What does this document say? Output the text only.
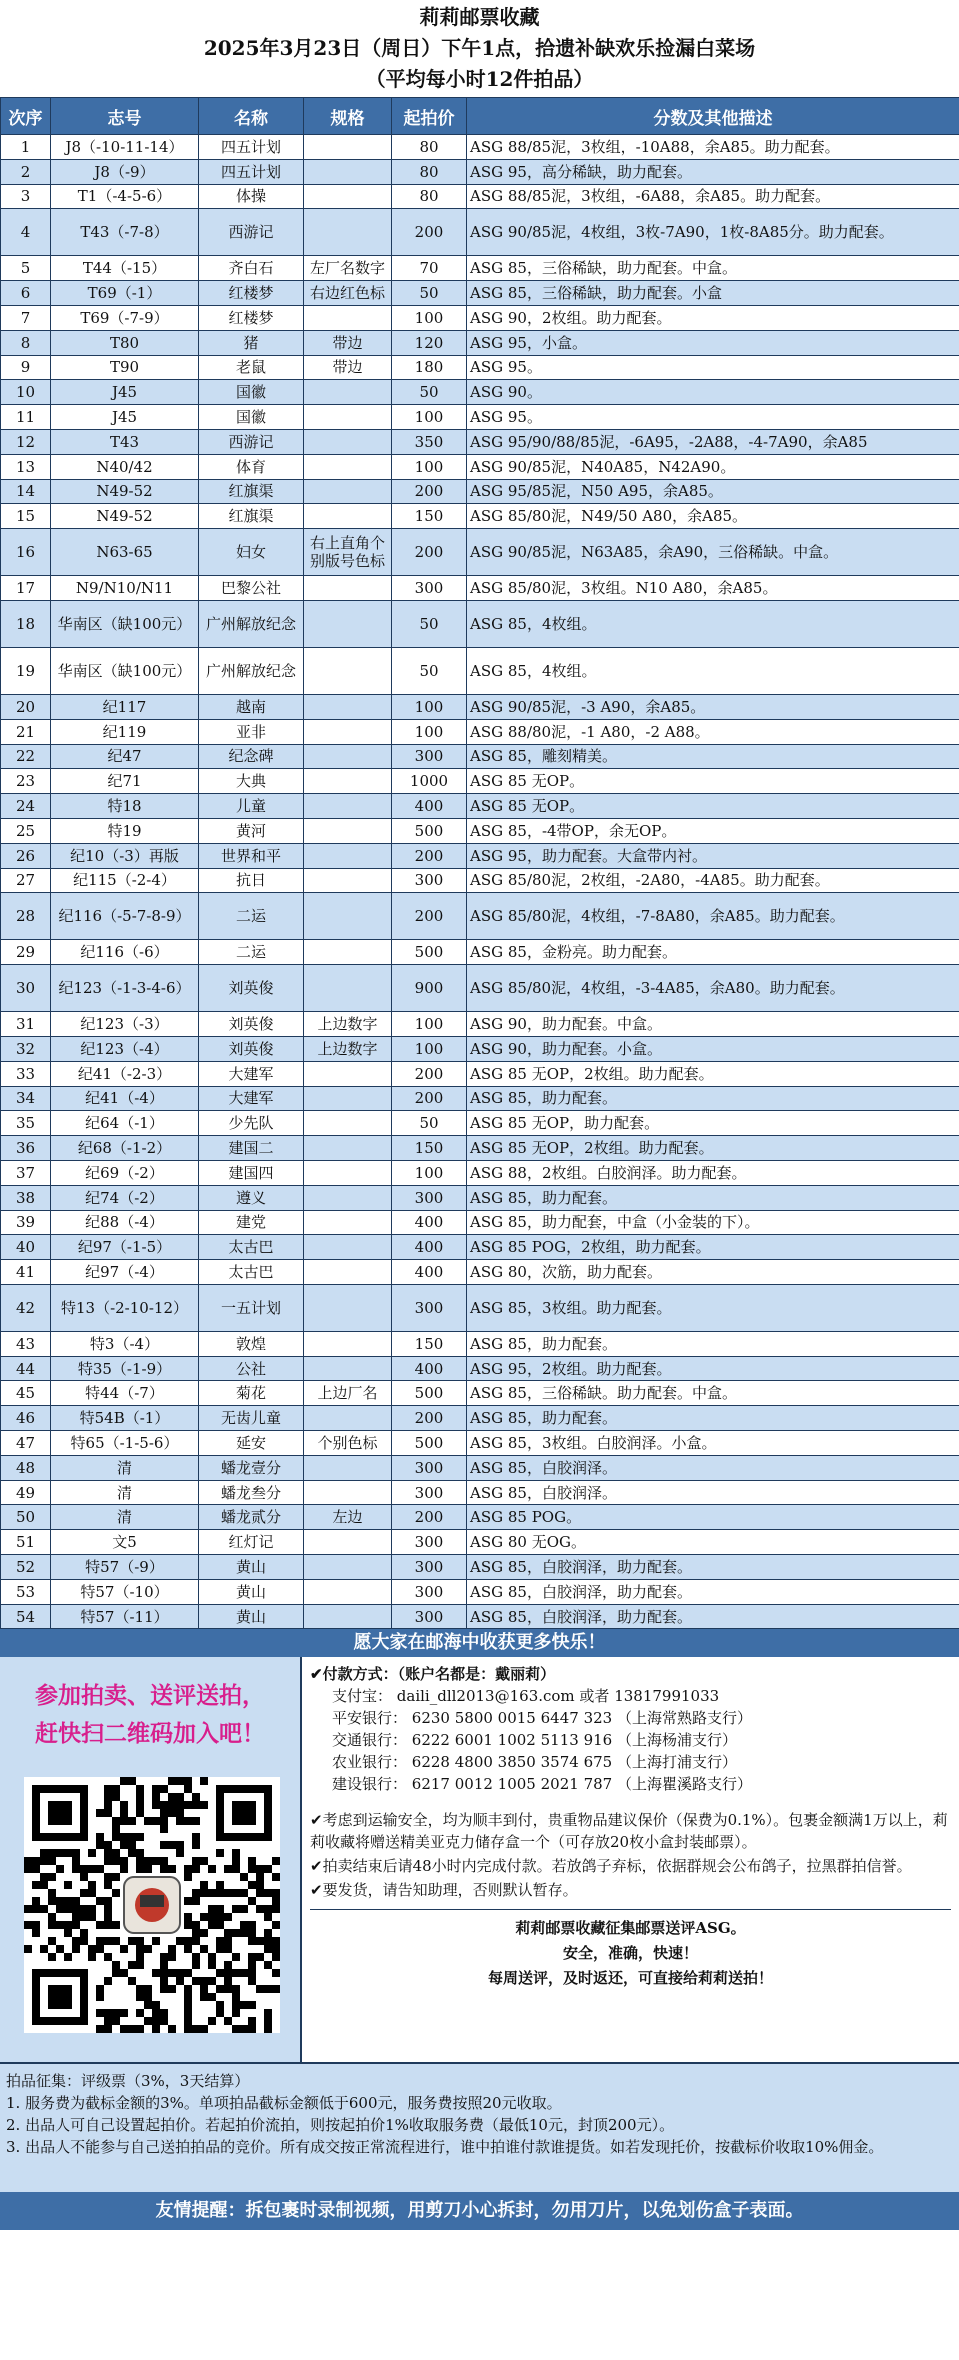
莉莉邮票收藏
2025年3月23日（周日）下午1点，拾遗补缺欢乐捡漏白菜场
（平均每小时12件拍品）
次序	志号	名称	规格	起拍价	分数及其他描述
1	J8（-10-11-14）	四五计划		80	ASG 88/85泥，3枚组，-10A88，余A85。助力配套。
2	J8（-9）	四五计划		80	ASG 95，高分稀缺，助力配套。
3	T1（-4-5-6）	体操		80	ASG 88/85泥，3枚组，-6A88，余A85。助力配套。
4	T43（-7-8）	西游记		200	ASG 90/85泥，4枚组，3枚-7A90，1枚-8A85分。助力配套。
5	T44（-15）	齐白石	左厂名数字	70	ASG 85，三俗稀缺，助力配套。中盒。
6	T69（-1）	红楼梦	右边红色标	50	ASG 85，三俗稀缺，助力配套。小盒
7	T69（-7-9）	红楼梦		100	ASG 90，2枚组。助力配套。
8	T80	猪	带边	120	ASG 95，小盒。
9	T90	老鼠	带边	180	ASG 95。
10	J45	国徽		50	ASG 90。
11	J45	国徽		100	ASG 95。
12	T43	西游记		350	ASG 95/90/88/85泥，-6A95，-2A88，-4-7A90，余A85
13	N40/42	体育		100	ASG 90/85泥，N40A85，N42A90。
14	N49-52	红旗渠		200	ASG 95/85泥，N50 A95，余A85。
15	N49-52	红旗渠		150	ASG 85/80泥，N49/50 A80，余A85。
16	N63-65	妇女	右上直角个别版号色标	200	ASG 90/85泥，N63A85，余A90，三俗稀缺。中盒。
17	N9/N10/N11	巴黎公社		300	ASG 85/80泥，3枚组。N10 A80，余A85。
18	华南区（缺100元）	广州解放纪念		50	ASG 85，4枚组。
19	华南区（缺100元）	广州解放纪念		50	ASG 85，4枚组。
20	纪117	越南		100	ASG 90/85泥，-3 A90，余A85。
21	纪119	亚非		100	ASG 88/80泥，-1 A80，-2 A88。
22	纪47	纪念碑		300	ASG 85，雕刻精美。
23	纪71	大典		1000	ASG 85 无OP。
24	特18	儿童		400	ASG 85 无OP。
25	特19	黄河		500	ASG 85，-4带OP，余无OP。
26	纪10（-3）再版	世界和平		200	ASG 95，助力配套。大盒带内衬。
27	纪115（-2-4）	抗日		300	ASG 85/80泥，2枚组，-2A80，-4A85。助力配套。
28	纪116（-5-7-8-9）	二运		200	ASG 85/80泥，4枚组，-7-8A80，余A85。助力配套。
29	纪116（-6）	二运		500	ASG 85，金粉亮。助力配套。
30	纪123（-1-3-4-6）	刘英俊		900	ASG 85/80泥，4枚组，-3-4A85，余A80。助力配套。
31	纪123（-3）	刘英俊	上边数字	100	ASG 90，助力配套。中盒。
32	纪123（-4）	刘英俊	上边数字	100	ASG 90，助力配套。小盒。
33	纪41（-2-3）	大建军		200	ASG 85 无OP，2枚组。助力配套。
34	纪41（-4）	大建军		200	ASG 85，助力配套。
35	纪64（-1）	少先队		50	ASG 85 无OP，助力配套。
36	纪68（-1-2）	建国二		150	ASG 85 无OP，2枚组。助力配套。
37	纪69（-2）	建国四		100	ASG 88，2枚组。白胶润泽。助力配套。
38	纪74（-2）	遵义		300	ASG 85，助力配套。
39	纪88（-4）	建党		400	ASG 85，助力配套，中盒（小金装的下）。
40	纪97（-1-5）	太古巴		400	ASG 85 POG，2枚组，助力配套。
41	纪97（-4）	太古巴		400	ASG 80，次筋，助力配套。
42	特13（-2-10-12）	一五计划		300	ASG 85，3枚组。助力配套。
43	特3（-4）	敦煌		150	ASG 85，助力配套。
44	特35（-1-9）	公社		400	ASG 95，2枚组。助力配套。
45	特44（-7）	菊花	上边厂名	500	ASG 85，三俗稀缺。助力配套。中盒。
46	特54B（-1）	无齿儿童		200	ASG 85，助力配套。
47	特65（-1-5-6）	延安	个别色标	500	ASG 85，3枚组。白胶润泽。小盒。
48	清	蟠龙壹分		300	ASG 85，白胶润泽。
49	清	蟠龙叁分		300	ASG 85，白胶润泽。
50	清	蟠龙贰分	左边	200	ASG 85 POG。
51	文5	红灯记		300	ASG 80 无OG。
52	特57（-9）	黄山		300	ASG 85，白胶润泽，助力配套。
53	特57（-10）	黄山		300	ASG 85，白胶润泽，助力配套。
54	特57（-11）	黄山		300	ASG 85，白胶润泽，助力配套。
愿大家在邮海中收获更多快乐！
参加拍卖、送评送拍，
赶快扫二维码加入吧！
✔付款方式：（账户名都是：戴丽莉）
支付宝： daili_dll2013@163.com 或者 13817991033
平安银行： 6230 5800 0015 6447 323 （上海常熟路支行）
交通银行： 6222 6001 1002 5113 916 （上海杨浦支行）
农业银行： 6228 4800 3850 3574 675 （上海打浦支行）
建设银行： 6217 0012 1005 2021 787 （上海瞿溪路支行）

✔考虑到运输安全，均为顺丰到付，贵重物品建议保价（保费为0.1%）。包裹金额满1万以上，莉莉收藏将赠送精美亚克力储存盒一个（可存放20枚小盒封装邮票）。

✔拍卖结束后请48小时内完成付款。若放鸽子弃标，依据群规会公布鸽子，拉黑群拍信誉。

✔要发货，请告知助理，否则默认暂存。

莉莉邮票收藏征集邮票送评ASG。
安全，准确，快速！
每周送评，及时返还，可直接给莉莉送拍！

拍品征集：评级票（3%，3天结算）

1. 服务费为截标金额的3%。单项拍品截标金额低于600元，服务费按照20元收取。

2. 出品人可自己设置起拍价。若起拍价流拍，则按起拍价1%收取服务费（最低10元，封顶200元）。

3. 出品人不能参与自己送拍拍品的竞价。所有成交按正常流程进行，谁中拍谁付款谁提货。如若发现托价，按截标价收取10%佣金。

友情提醒：拆包裹时录制视频，用剪刀小心拆封，勿用刀片，以免划伤盒子表面。
